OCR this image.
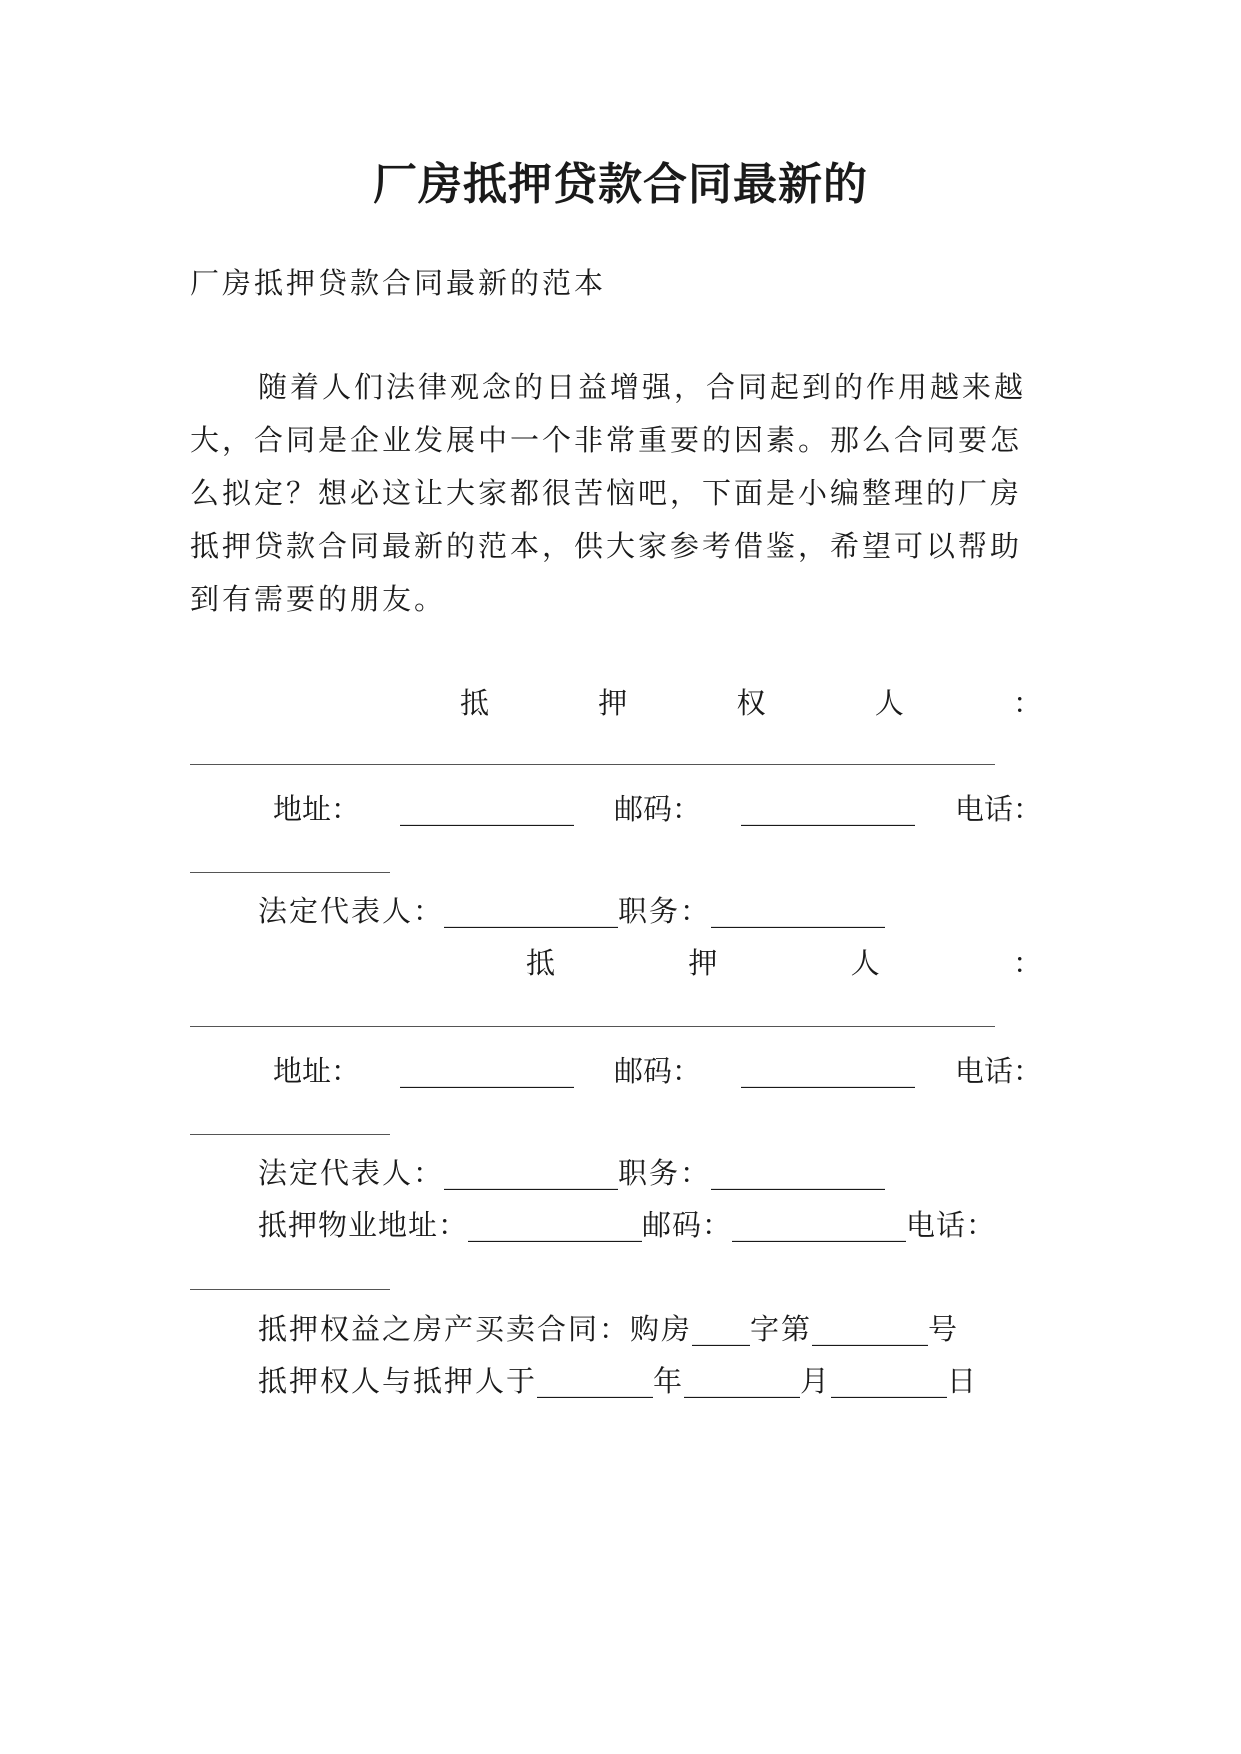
厂房抵押贷款合同最新的
厂房抵押贷款合同最新的范本
随着人们法律观念的日益增强，合同起到的作用越来越
大，合同是企业发展中一个非常重要的因素。那么合同要怎
么拟定？想必这让大家都很苦恼吧，下面是小编整理的厂房
抵押贷款合同最新的范本，供大家参考借鉴，希望可以帮助
到有需要的朋友。
抵	押	权	人	：
地址： ____________ 邮码： ____________ 电话：
法定代表人：____________职务：____________
抵	押	人	：
地址： ____________ 邮码： ____________ 电话：
法定代表人：____________职务：____________
抵押物业地址：____________邮码：____________电话：
抵押权益之房产买卖合同：购房____字第________号
抵押权人与抵押人于________年________月________日
